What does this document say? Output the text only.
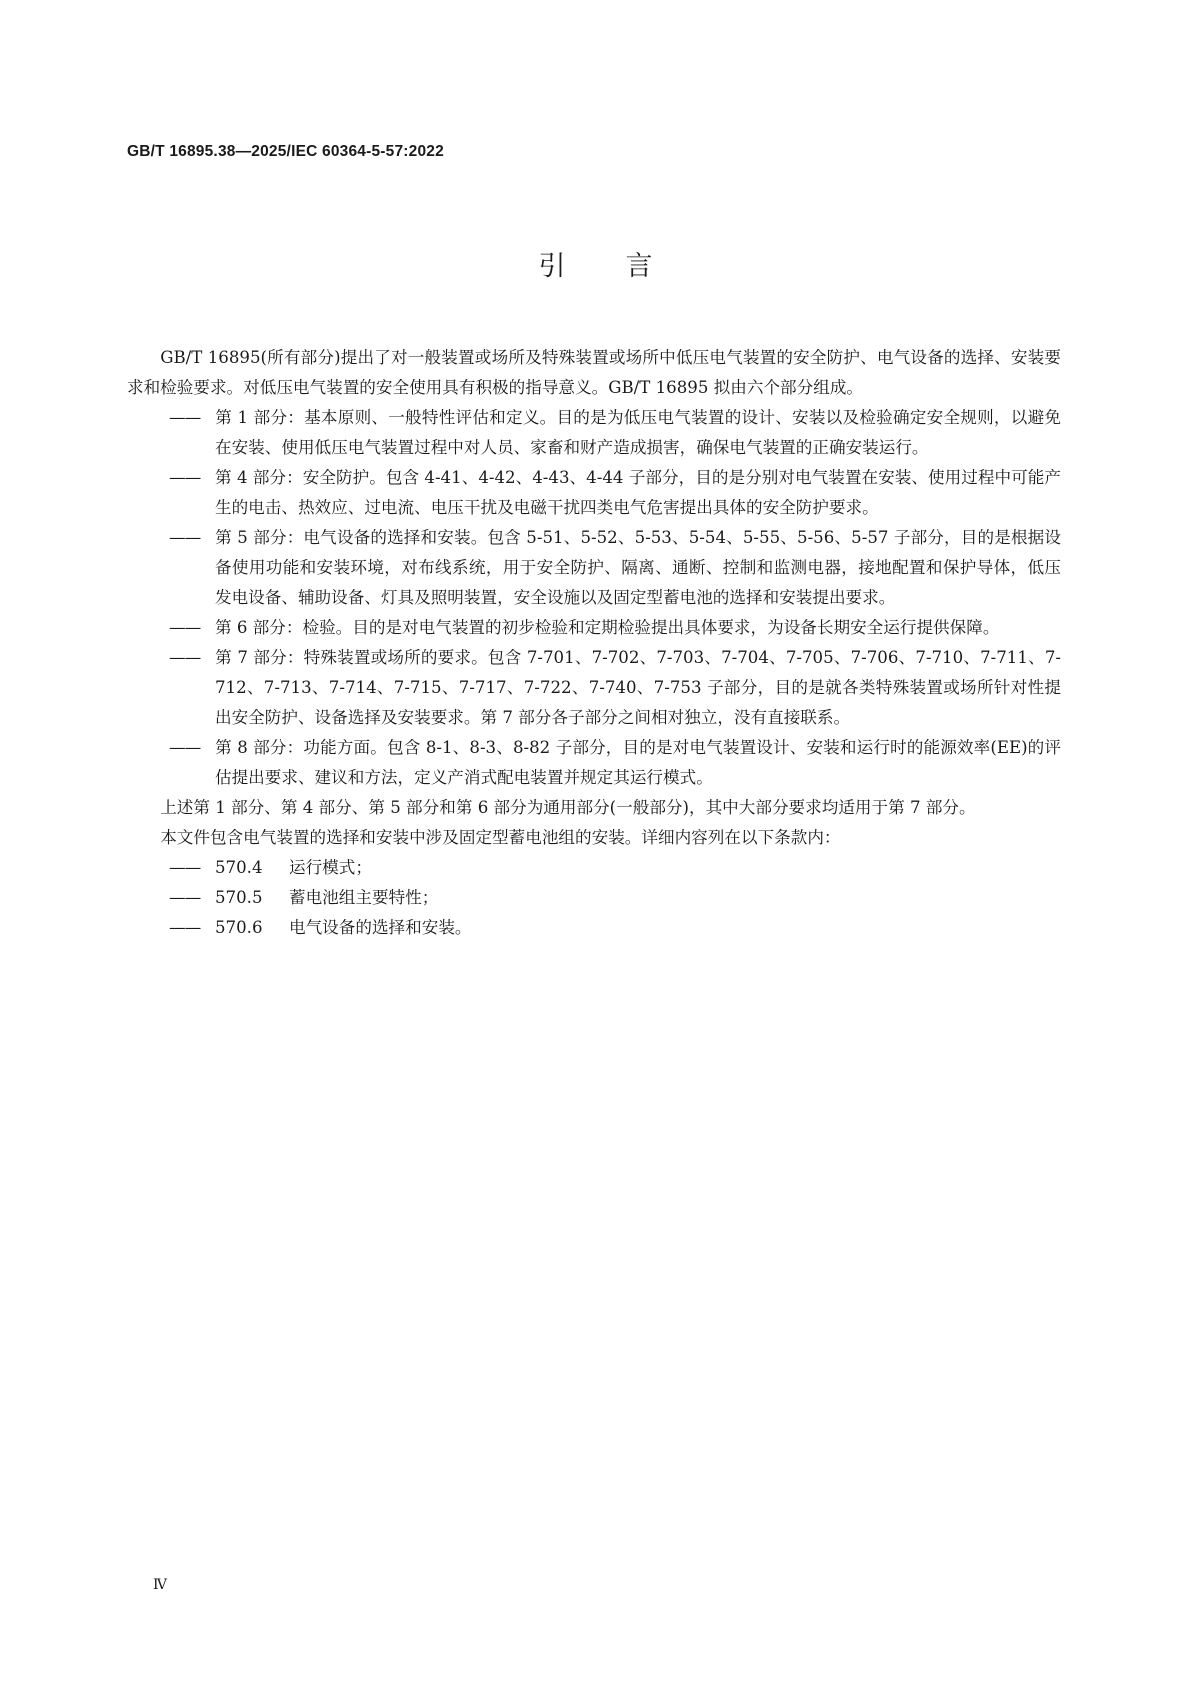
GB/T 16895.38—2025/IEC 60364-5-57:2022
引言

GB/T 16895(所有部分)提出了对一般装置或场所及特殊装置或场所中低压电气装置的安全防护、电气设备的选择、安装要求和检验要求。对低压电气装置的安全使用具有积极的指导意义。GB/T 16895 拟由六个部分组成。

—— 第 1 部分：基本原则、一般特性评估和定义。目的是为低压电气装置的设计、安装以及检验确定安全规则，以避免在安装、使用低压电气装置过程中对人员、家畜和财产造成损害，确保电气装置的正确安装运行。

—— 第 4 部分：安全防护。包含 4-41、4-42、4-43、4-44 子部分，目的是分别对电气装置在安装、使用过程中可能产生的电击、热效应、过电流、电压干扰及电磁干扰四类电气危害提出具体的安全防护要求。

—— 第 5 部分：电气设备的选择和安装。包含 5-51、5-52、5-53、5-54、5-55、5-56、5-57 子部分，目的是根据设备使用功能和安装环境，对布线系统，用于安全防护、隔离、通断、控制和监测电器，接地配置和保护导体，低压发电设备、辅助设备、灯具及照明装置，安全设施以及固定型蓄电池的选择和安装提出要求。

—— 第 6 部分：检验。目的是对电气装置的初步检验和定期检验提出具体要求，为设备长期安全运行提供保障。

—— 第 7 部分：特殊装置或场所的要求。包含 7-701、7-702、7-703、7-704、7-705、7-706、7-710、7-711、7-712、7-713、7-714、7-715、7-717、7-722、7-740、7-753 子部分，目的是就各类特殊装置或场所针对性提出安全防护、设备选择及安装要求。第 7 部分各子部分之间相对独立，没有直接联系。

—— 第 8 部分：功能方面。包含 8-1、8-3、8-82 子部分，目的是对电气装置设计、安装和运行时的能源效率(EE)的评估提出要求、建议和方法，定义产消式配电装置并规定其运行模式。

上述第 1 部分、第 4 部分、第 5 部分和第 6 部分为通用部分(一般部分)，其中大部分要求均适用于第 7 部分。

本文件包含电气装置的选择和安装中涉及固定型蓄电池组的安装。详细内容列在以下条款内：

—— 570.4 运行模式；

—— 570.5 蓄电池组主要特性；

—— 570.6 电气设备的选择和安装。

Ⅳ
